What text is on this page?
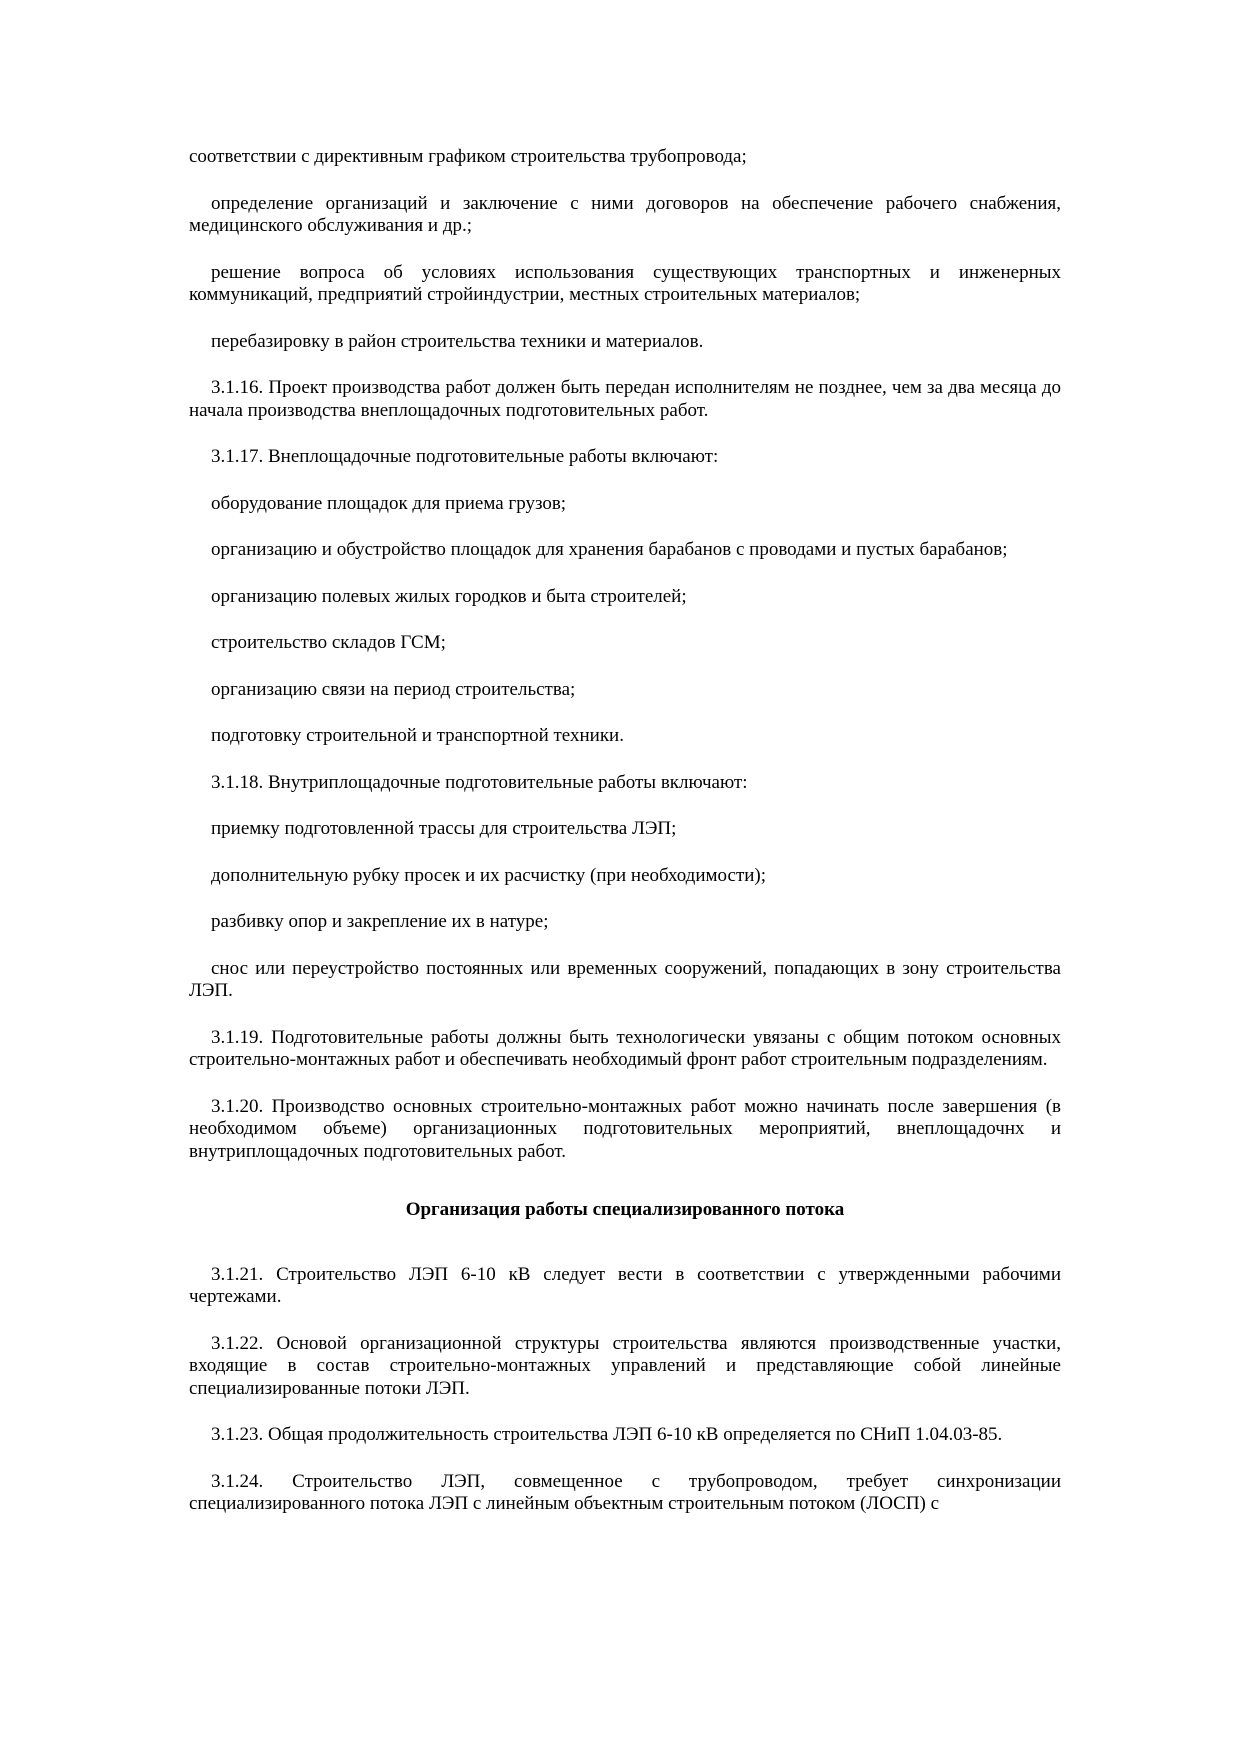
соответствии с директивным графиком строительства трубопровода;

определение организаций и заключение с ними договоров на обеспечение рабочего снабжения, медицинского обслуживания и др.;

решение вопроса об условиях использования существующих транспортных и инженерных коммуникаций, предприятий стройиндустрии, местных строительных материалов;

перебазировку в район строительства техники и материалов.

3.1.16. Проект производства работ должен быть передан исполнителям не позднее, чем за два месяца до начала производства внеплощадочных подготовительных работ.

3.1.17. Внеплощадочные подготовительные работы включают:

оборудование площадок для приема грузов;

организацию и обустройство площадок для хранения барабанов с проводами и пустых барабанов;

организацию полевых жилых городков и быта строителей;

строительство складов ГСМ;

организацию связи на период строительства;

подготовку строительной и транспортной техники.

3.1.18. Внутриплощадочные подготовительные работы включают:

приемку подготовленной трассы для строительства ЛЭП;

дополнительную рубку просек и их расчистку (при необходимости);

разбивку опор и закрепление их в натуре;

снос или переустройство постоянных или временных сооружений, попадающих в зону строительства ЛЭП.

3.1.19. Подготовительные работы должны быть технологически увязаны с общим потоком основных строительно-монтажных работ и обеспечивать необходимый фронт работ строительным подразделениям.

3.1.20. Производство основных строительно-монтажных работ можно начинать после завершения (в необходимом объеме) организационных подготовительных мероприятий, внеплощадочнх и внутриплощадочных подготовительных работ.

Организация работы специализированного потока

3.1.21. Строительство ЛЭП 6-10 кВ следует вести в соответствии с утвержденными рабочими чертежами.

3.1.22. Основой организационной структуры строительства являются производственные участки, входящие в состав строительно-монтажных управлений и представляющие собой линейные специализированные потоки ЛЭП.

3.1.23. Общая продолжительность строительства ЛЭП 6-10 кВ определяется по СНиП 1.04.03-85.

3.1.24. Строительство ЛЭП, совмещенное с трубопроводом, требует синхронизации специализированного потока ЛЭП с линейным объектным строительным потоком (ЛОСП) с
